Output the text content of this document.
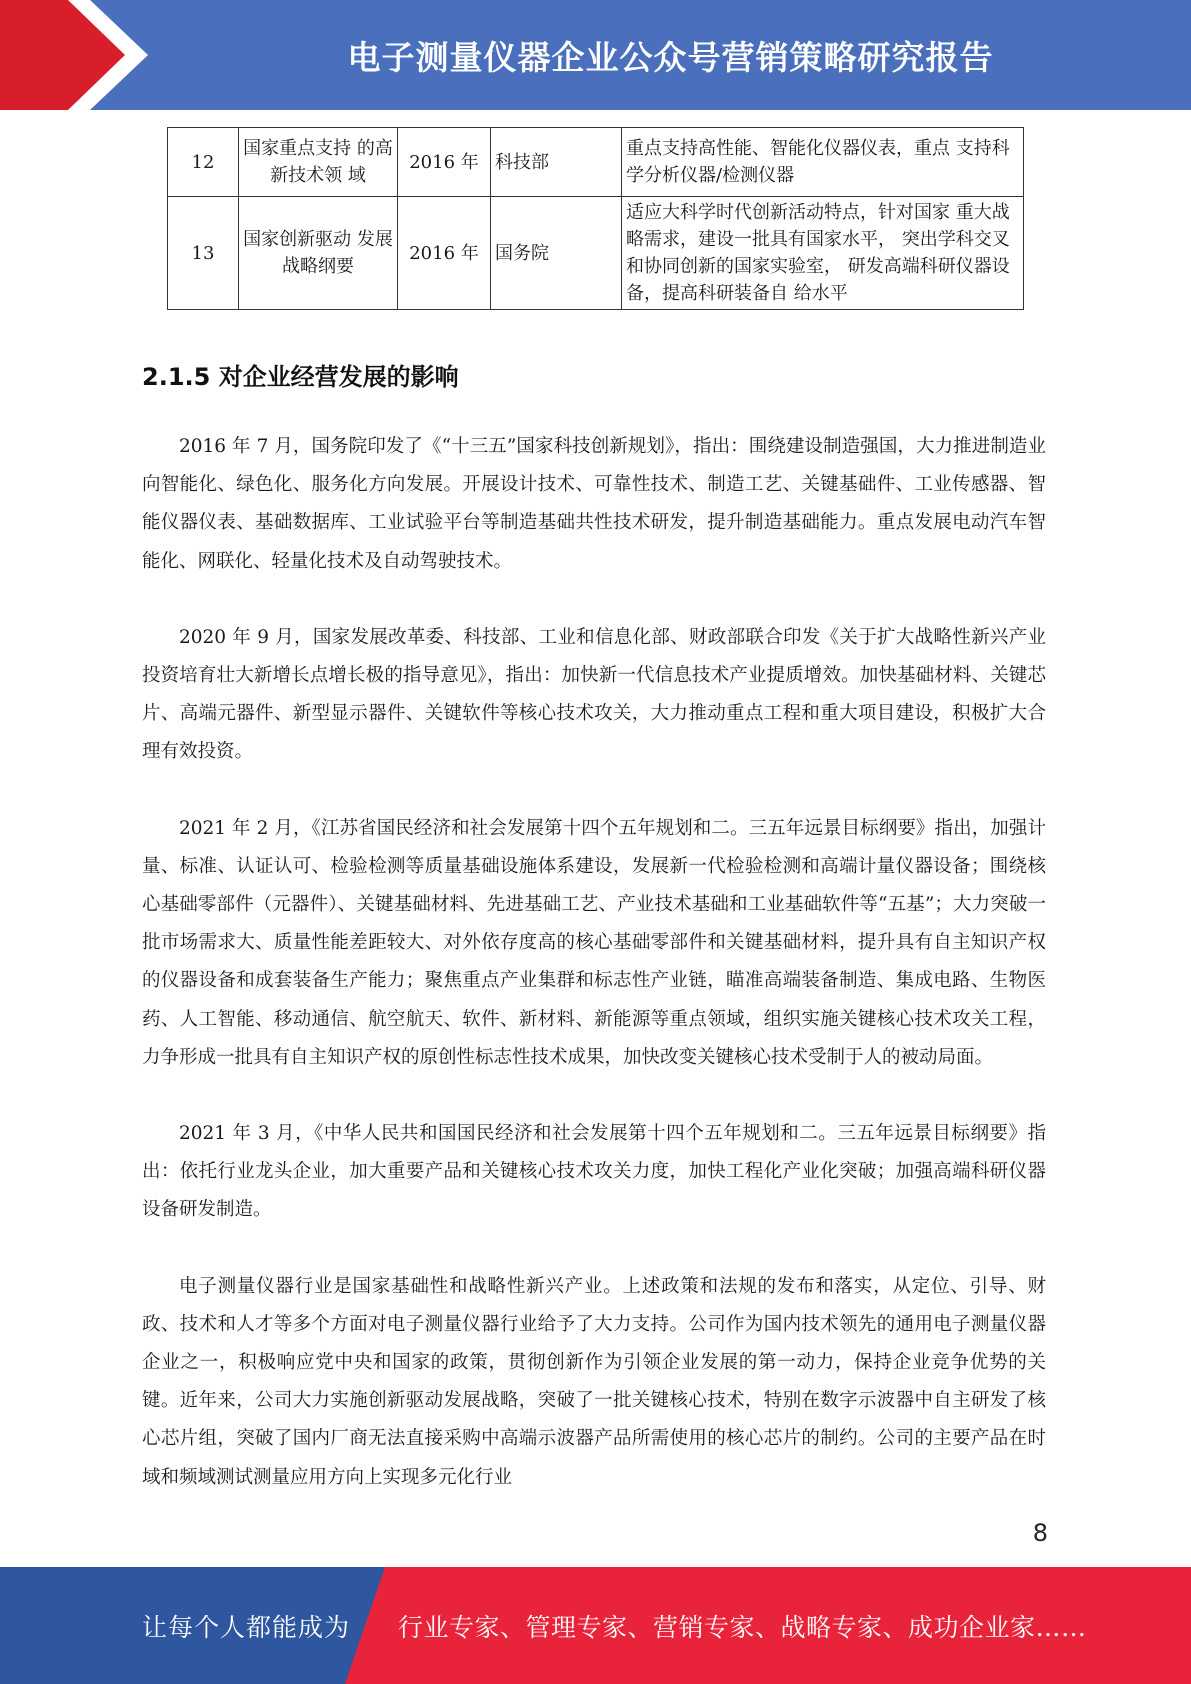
电子测量仪器企业公众号营销策略研究报告
12	国家重点支持 的高新技术领 域	2016 年	科技部	重点支持高性能、智能化仪器仪表，重点 支持科学分析仪器/检测仪器
13	国家创新驱动 发展战略纲要	2016 年	国务院	适应大科学时代创新活动特点，针对国家 重大战略需求，建设一批具有国家水平， 突出学科交叉和协同创新的国家实验室， 研发高端科研仪器设备，提高科研装备自 给水平
2.1.5 对企业经营发展的影响

2016 年 7 月，国务院印发了《“十三五”国家科技创新规划》，指出：围绕建设制造强国，大力推进制造业向智能化、绿色化、服务化方向发展。开展设计技术、可靠性技术、制造工艺、关键基础件、工业传感器、智能仪器仪表、基础数据库、工业试验平台等制造基础共性技术研发，提升制造基础能力。重点发展电动汽车智能化、网联化、轻量化技术及自动驾驶技术。

2020 年 9 月，国家发展改革委、科技部、工业和信息化部、财政部联合印发《关于扩大战略性新兴产业投资培育壮大新增长点增长极的指导意见》，指出：加快新一代信息技术产业提质增效。加快基础材料、关键芯片、高端元器件、新型显示器件、关键软件等核心技术攻关，大力推动重点工程和重大项目建设，积极扩大合理有效投资。

2021 年 2 月，《江苏省国民经济和社会发展第十四个五年规划和二。三五年远景目标纲要》指出，加强计量、标准、认证认可、检验检测等质量基础设施体系建设，发展新一代检验检测和高端计量仪器设备；围绕核心基础零部件（元器件）、关键基础材料、先进基础工艺、产业技术基础和工业基础软件等“五基”；大力突破一批市场需求大、质量性能差距较大、对外依存度高的核心基础零部件和关键基础材料，提升具有自主知识产权的仪器设备和成套装备生产能力；聚焦重点产业集群和标志性产业链，瞄准高端装备制造、集成电路、生物医药、人工智能、移动通信、航空航天、软件、新材料、新能源等重点领域，组织实施关键核心技术攻关工程，力争形成一批具有自主知识产权的原创性标志性技术成果，加快改变关键核心技术受制于人的被动局面。

2021 年 3 月，《中华人民共和国国民经济和社会发展第十四个五年规划和二。三五年远景目标纲要》指出：依托行业龙头企业，加大重要产品和关键核心技术攻关力度，加快工程化产业化突破；加强高端科研仪器设备研发制造。

电子测量仪器行业是国家基础性和战略性新兴产业。上述政策和法规的发布和落实，从定位、引导、财政、技术和人才等多个方面对电子测量仪器行业给予了大力支持。公司作为国内技术领先的通用电子测量仪器企业之一，积极响应党中央和国家的政策，贯彻创新作为引领企业发展的第一动力，保持企业竞争优势的关键。近年来，公司大力实施创新驱动发展战略，突破了一批关键核心技术，特别在数字示波器中自主研发了核心芯片组，突破了国内厂商无法直接采购中高端示波器产品所需使用的核心芯片的制约。公司的主要产品在时域和频域测试测量应用方向上实现多元化行业

8
让每个人都能成为 行业专家、管理专家、营销专家、战略专家、成功企业家……
